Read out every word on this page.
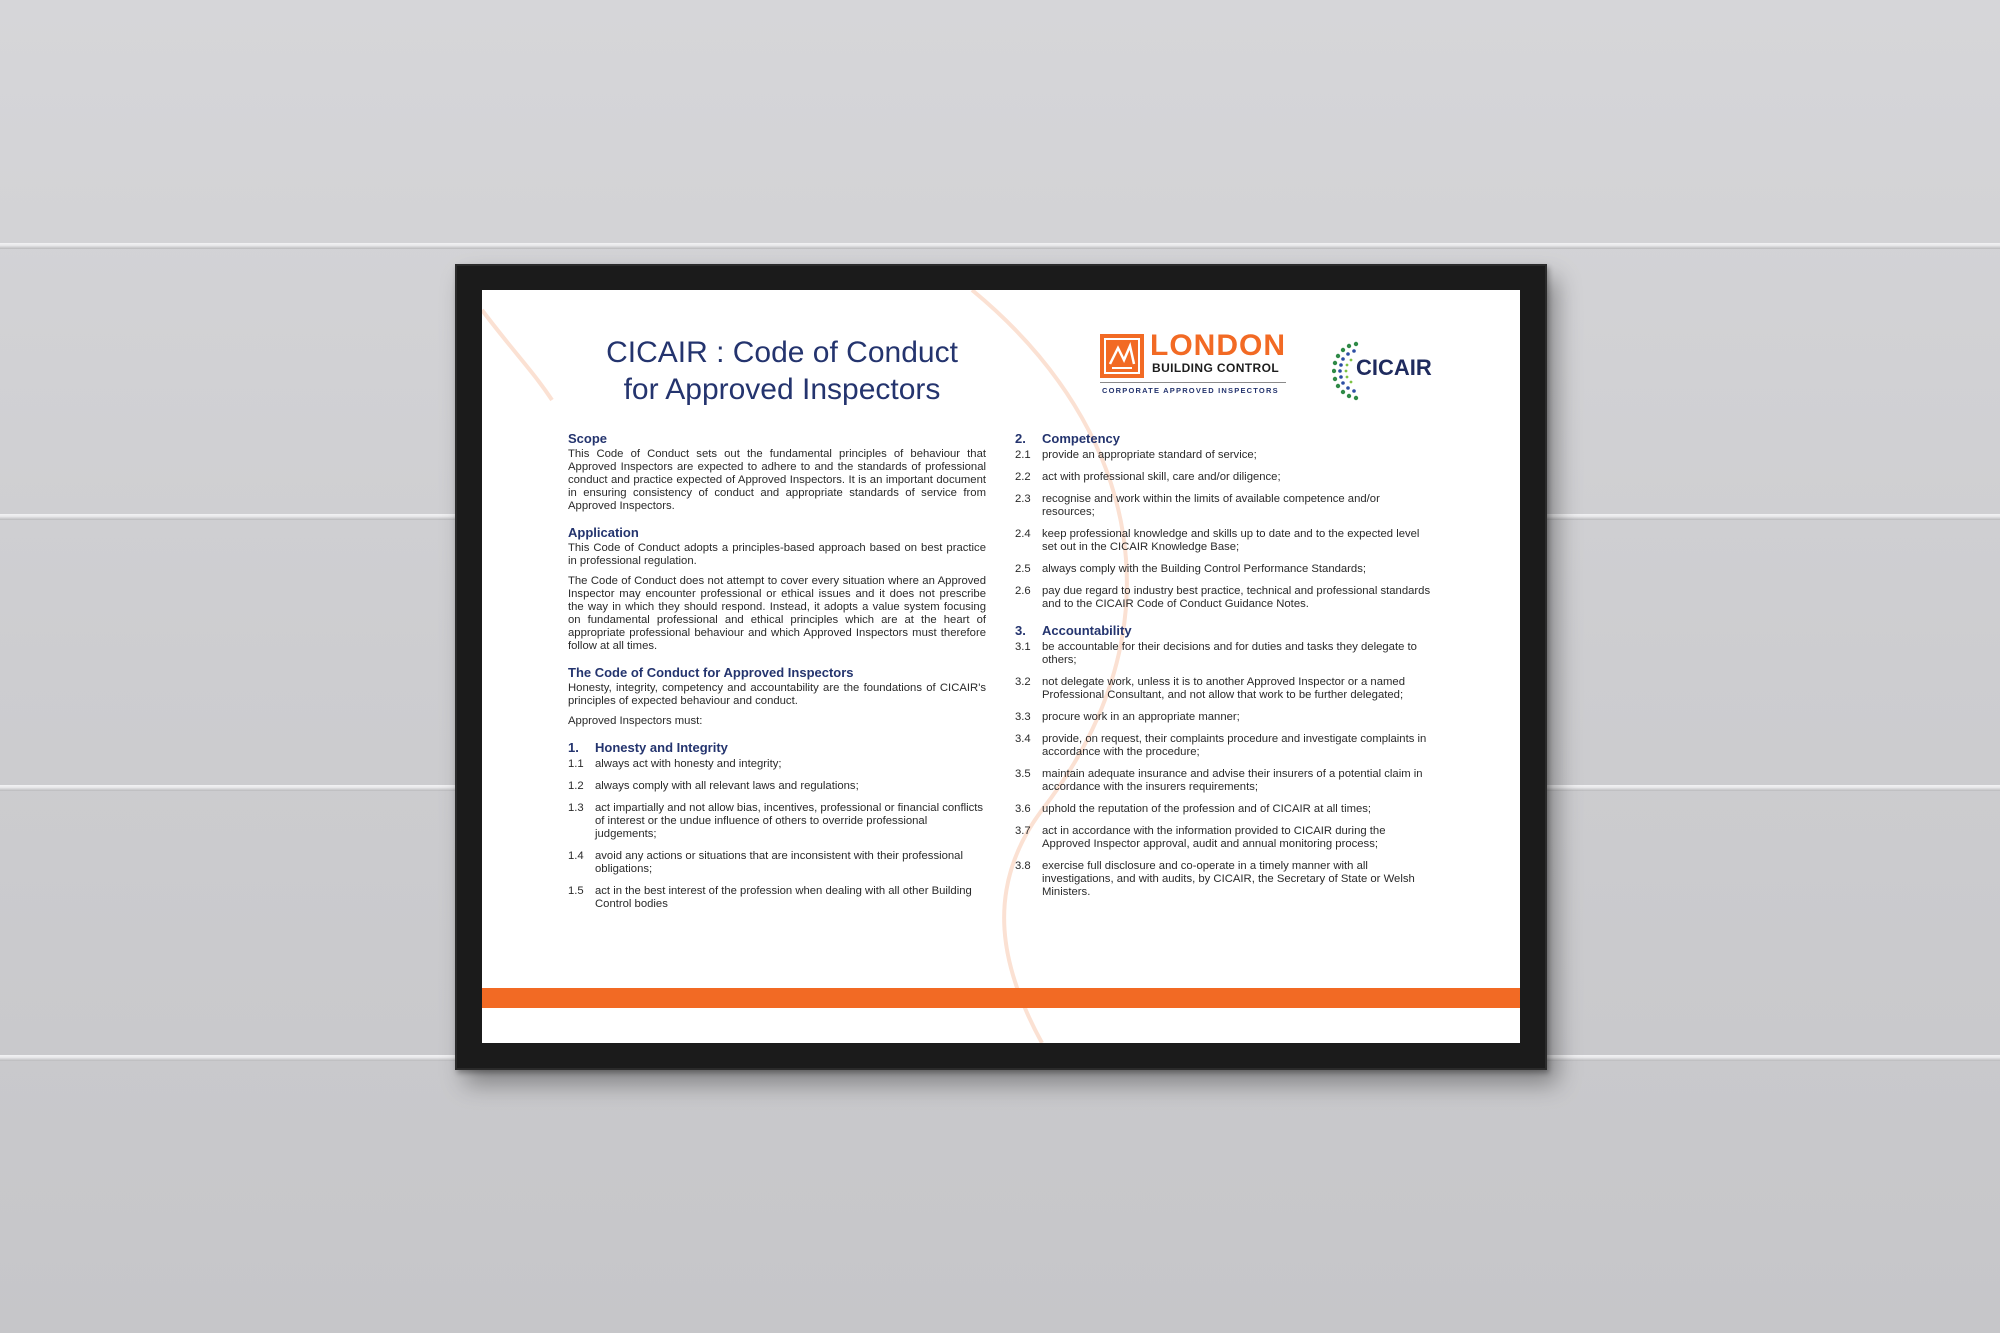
CICAIR : Code of Conduct
for Approved Inspectors
LONDON
BUILDING CONTROL
CORPORATE APPROVED INSPECTORS
CICAIR
Scope
This Code of Conduct sets out the fundamental principles of behaviour that Approved Inspectors are expected to adhere to and the standards of professional conduct and practice expected of Approved Inspectors. It is an important document in ensuring consistency of conduct and appropriate standards of service from Approved Inspectors.
Application
This Code of Conduct adopts a principles-based approach based on best practice in professional regulation.
The Code of Conduct does not attempt to cover every situation where an Approved Inspector may encounter professional or ethical issues and it does not prescribe the way in which they should respond. Instead, it adopts a value system focusing on fundamental professional and ethical principles which are at the heart of appropriate professional behaviour and which Approved Inspectors must therefore follow at all times.
The Code of Conduct for Approved Inspectors
Honesty, integrity, competency and accountability are the foundations of CICAIR's principles of expected behaviour and conduct.
Approved Inspectors must:
1.	Honesty and Integrity
1.1 always act with honesty and integrity;
1.2 always comply with all relevant laws and regulations;
1.3 act impartially and not allow bias, incentives, professional or financial conflicts of interest or the undue influence of others to override professional judgements;
1.4 avoid any actions or situations that are inconsistent with their professional obligations;
1.5 act in the best interest of the profession when dealing with all other Building Control bodies
2.	Competency
2.1 provide an appropriate standard of service;
2.2 act with professional skill, care and/or diligence;
2.3 recognise and work within the limits of available competence and/or resources;
2.4 keep professional knowledge and skills up to date and to the expected level set out in the CICAIR Knowledge Base;
2.5 always comply with the Building Control Performance Standards;
2.6 pay due regard to industry best practice, technical and professional standards and to the CICAIR Code of Conduct Guidance Notes.
3.	Accountability
3.1 be accountable for their decisions and for duties and tasks they delegate to others;
3.2 not delegate work, unless it is to another Approved Inspector or a named Professional Consultant, and not allow that work to be further delegated;
3.3 procure work in an appropriate manner;
3.4 provide, on request, their complaints procedure and investigate complaints in accordance with the procedure;
3.5 maintain adequate insurance and advise their insurers of a potential claim in accordance with the insurers requirements;
3.6 uphold the reputation of the profession and of CICAIR at all times;
3.7 act in accordance with the information provided to CICAIR during the Approved Inspector approval, audit and annual monitoring process;
3.8 exercise full disclosure and co-operate in a timely manner with all investigations, and with audits, by CICAIR, the Secretary of State or Welsh Ministers.
